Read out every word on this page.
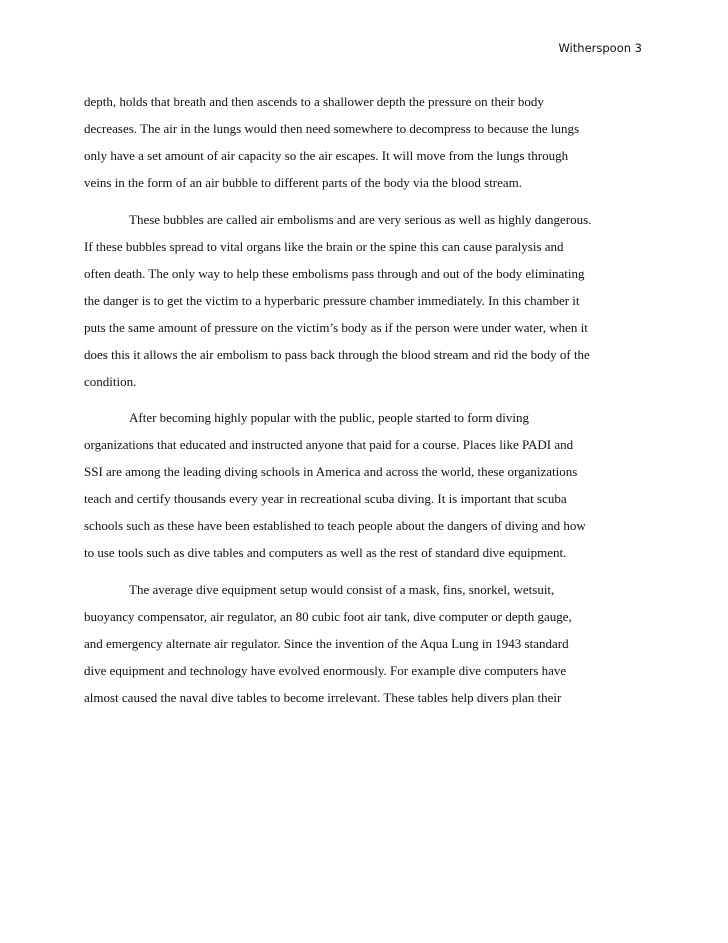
Witherspoon 3
depth, holds that breath and then ascends to a shallower depth the pressure on their body
decreases. The air in the lungs would then need somewhere to decompress to because the lungs
only have a set amount of air capacity so the air escapes. It will move from the lungs through
veins in the form of an air bubble to different parts of the body via the blood stream.
These bubbles are called air embolisms and are very serious as well as highly dangerous.
If these bubbles spread to vital organs like the brain or the spine this can cause paralysis and
often death. The only way to help these embolisms pass through and out of the body eliminating
the danger is to get the victim to a hyperbaric pressure chamber immediately. In this chamber it
puts the same amount of pressure on the victim’s body as if the person were under water, when it
does this it allows the air embolism to pass back through the blood stream and rid the body of the
condition.
After becoming highly popular with the public, people started to form diving
organizations that educated and instructed anyone that paid for a course. Places like PADI and
SSI are among the leading diving schools in America and across the world, these organizations
teach and certify thousands every year in recreational scuba diving. It is important that scuba
schools such as these have been established to teach people about the dangers of diving and how
to use tools such as dive tables and computers as well as the rest of standard dive equipment.
The average dive equipment setup would consist of a mask, fins, snorkel, wetsuit,
buoyancy compensator, air regulator, an 80 cubic foot air tank, dive computer or depth gauge,
and emergency alternate air regulator. Since the invention of the Aqua Lung in 1943 standard
dive equipment and technology have evolved enormously. For example dive computers have
almost caused the naval dive tables to become irrelevant. These tables help divers plan their
